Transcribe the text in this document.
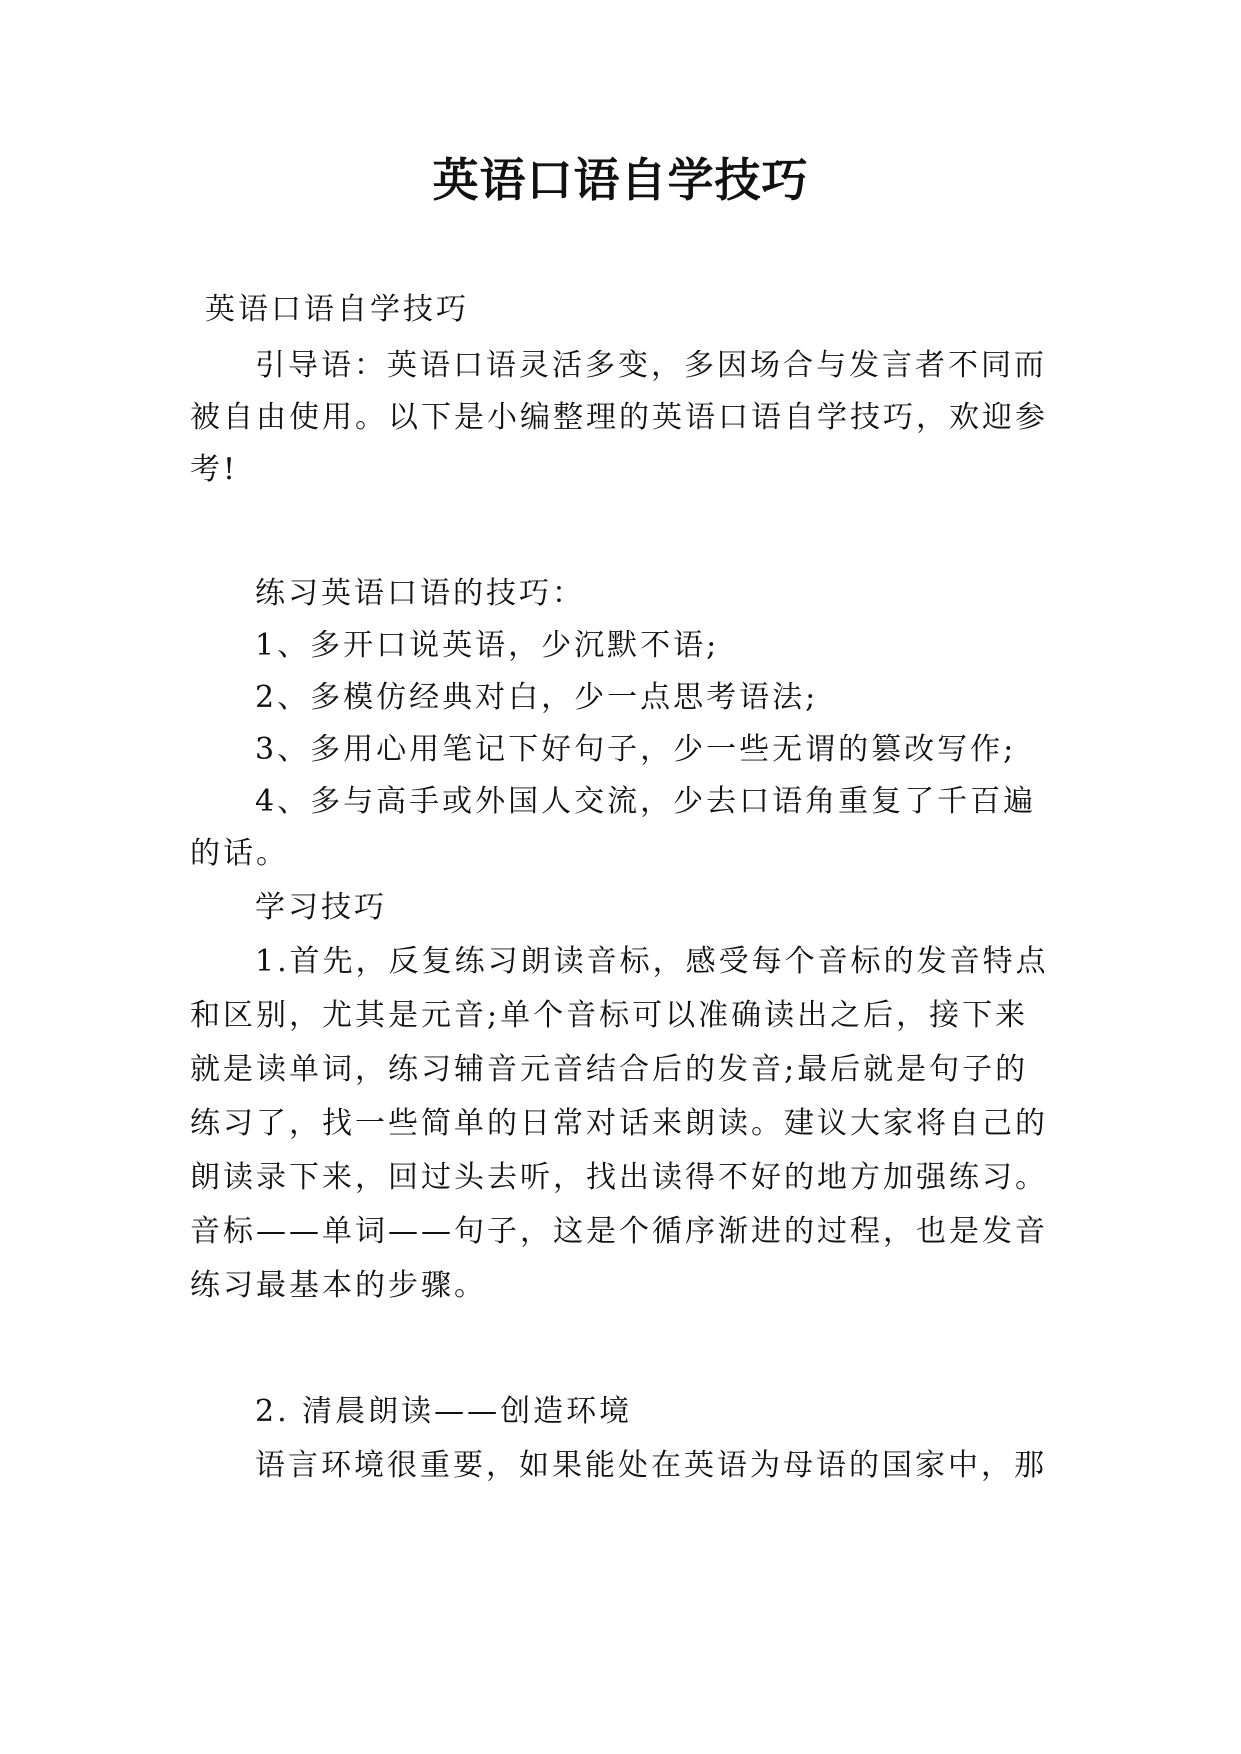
英语口语自学技巧
英语口语自学技巧
引导语：英语口语灵活多变，多因场合与发言者不同而
被自由使用。以下是小编整理的英语口语自学技巧，欢迎参
考!
练习英语口语的技巧：
1、多开口说英语，少沉默不语;
2、多模仿经典对白，少一点思考语法;
3、多用心用笔记下好句子，少一些无谓的篡改写作;
4、多与高手或外国人交流，少去口语角重复了千百遍
的话。
学习技巧
1.首先，反复练习朗读音标，感受每个音标的发音特点
和区别，尤其是元音;单个音标可以准确读出之后，接下来
就是读单词，练习辅音元音结合后的发音;最后就是句子的
练习了，找一些简单的日常对话来朗读。建议大家将自己的
朗读录下来，回过头去听，找出读得不好的地方加强练习。
音标——单词——句子，这是个循序渐进的过程，也是发音
练习最基本的步骤。
2. 清晨朗读——创造环境
语言环境很重要，如果能处在英语为母语的国家中，那
